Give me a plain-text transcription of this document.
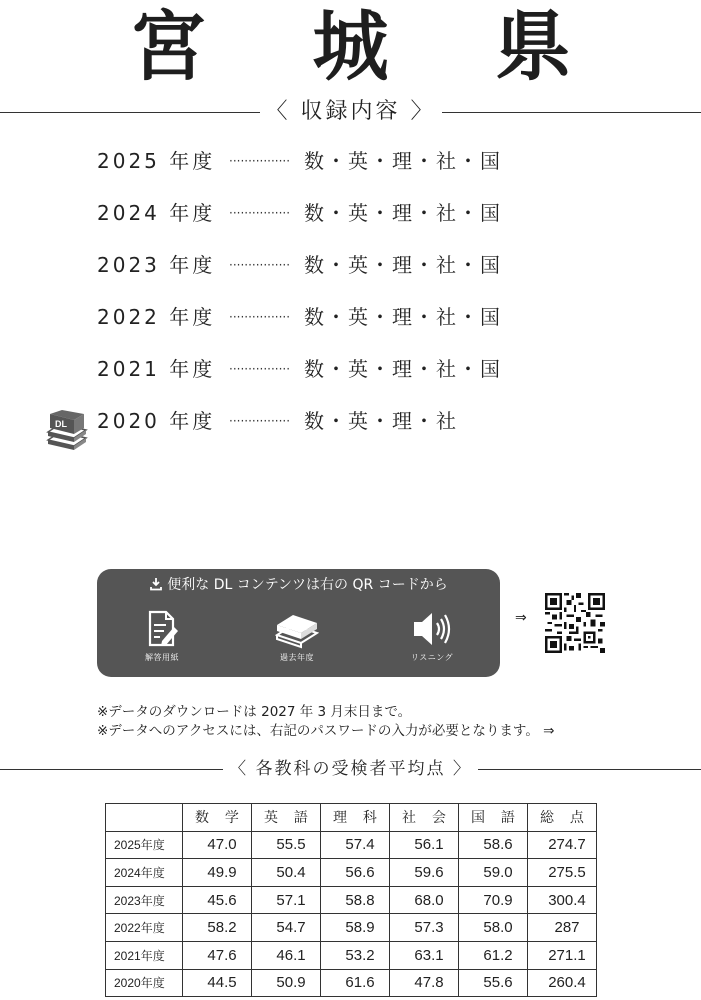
宮 城 県
〈 収録内容 〉
2025 年度 ················ 数・英・理・社・国
2024 年度 ················ 数・英・理・社・国
2023 年度 ················ 数・英・理・社・国
2022 年度 ················ 数・英・理・社・国
2021 年度 ················ 数・英・理・社・国
2020 年度 ················ 数・英・理・社
DL
便利な DL コンテンツは右の QR コードから
解答用紙	過去年度	リスニング
⇒
※データのダウンロードは 2027 年 3 月末日まで。
※データへのアクセスには、右記のパスワードの入力が必要となります。 ⇒
〈 各教科の受検者平均点 〉
	数 学	英 語	理 科	社 会	国 語	総 点
2025年度	47.0	55.5	57.4	56.1	58.6	274.7
2024年度	49.9	50.4	56.6	59.6	59.0	275.5
2023年度	45.6	57.1	58.8	68.0	70.9	300.4
2022年度	58.2	54.7	58.9	57.3	58.0	287
2021年度	47.6	46.1	53.2	63.1	61.2	271.1
2020年度	44.5	50.9	61.6	47.8	55.6	260.4
